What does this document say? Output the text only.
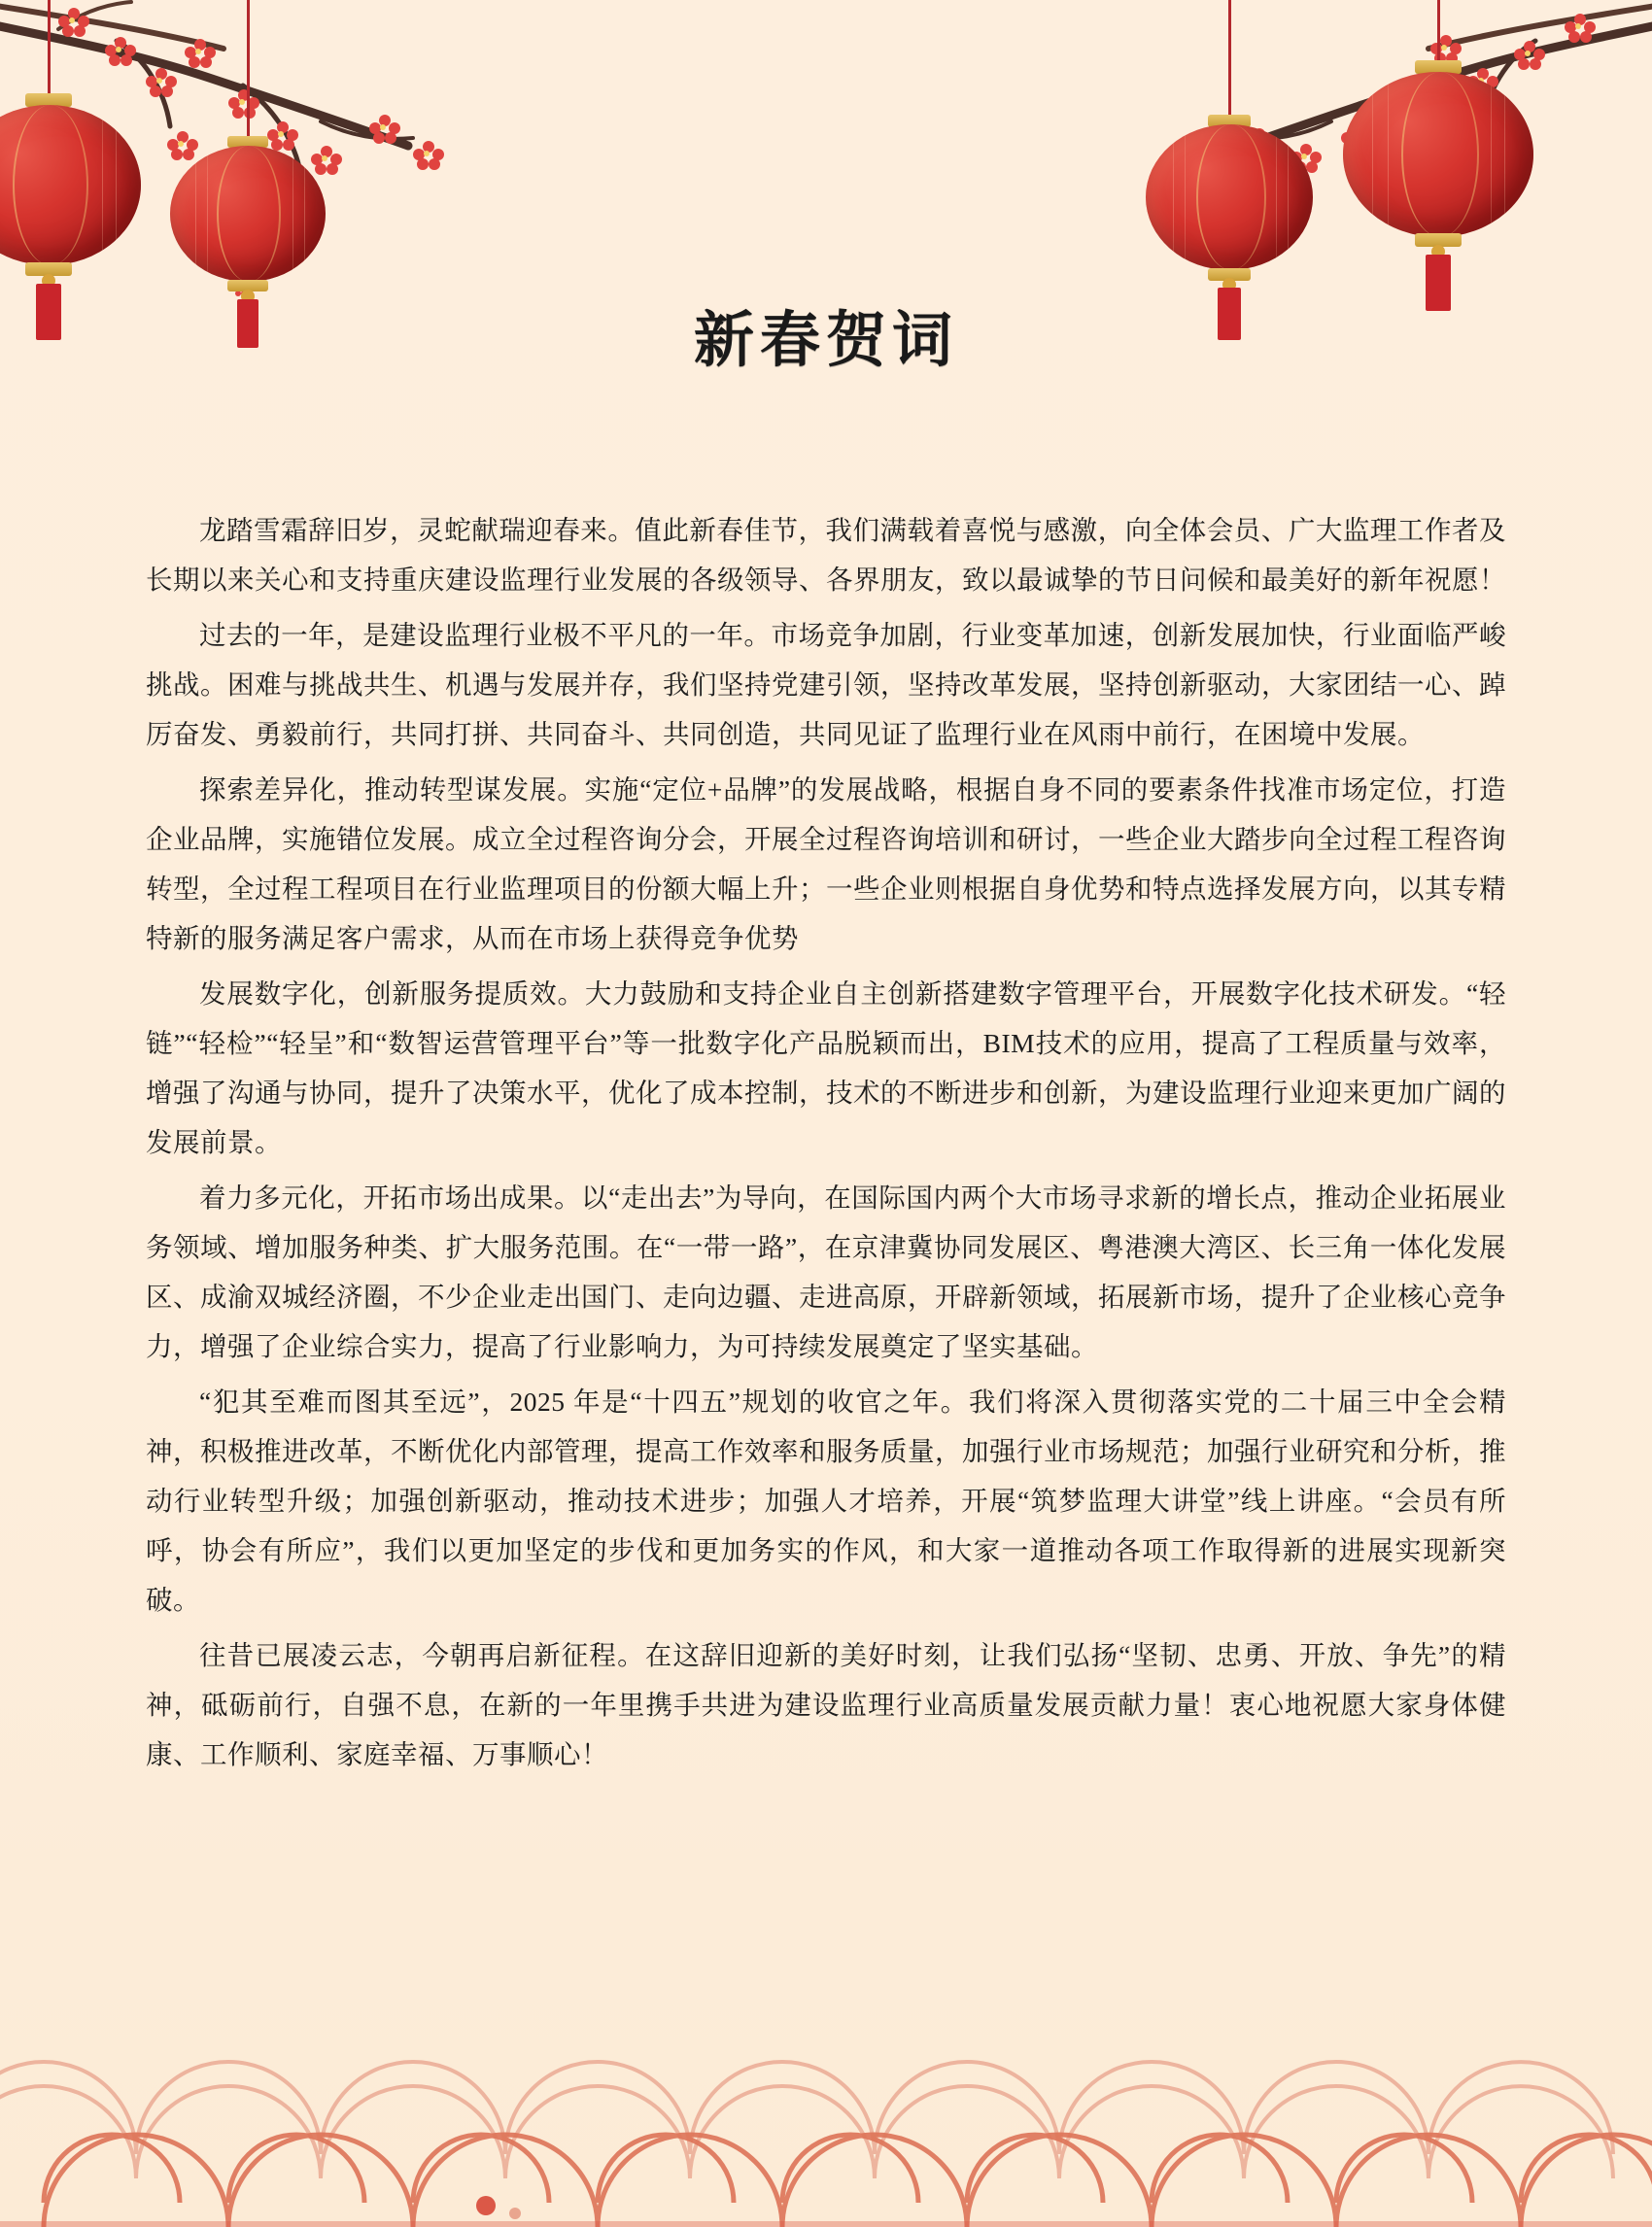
新春贺词

龙踏雪霜辞旧岁，灵蛇献瑞迎春来。值此新春佳节，我们满载着喜悦与感激，向全体会员、广大监理工作者及长期以来关心和支持重庆建设监理行业发展的各级领导、各界朋友，致以最诚挚的节日问候和最美好的新年祝愿！

过去的一年，是建设监理行业极不平凡的一年。市场竞争加剧，行业变革加速，创新发展加快，行业面临严峻挑战。困难与挑战共生、机遇与发展并存，我们坚持党建引领，坚持改革发展，坚持创新驱动，大家团结一心、踔厉奋发、勇毅前行，共同打拼、共同奋斗、共同创造，共同见证了监理行业在风雨中前行，在困境中发展。

探索差异化，推动转型谋发展。实施“定位+品牌”的发展战略，根据自身不同的要素条件找准市场定位，打造企业品牌，实施错位发展。成立全过程咨询分会，开展全过程咨询培训和研讨，一些企业大踏步向全过程工程咨询转型，全过程工程项目在行业监理项目的份额大幅上升；一些企业则根据自身优势和特点选择发展方向，以其专精特新的服务满足客户需求，从而在市场上获得竞争优势

发展数字化，创新服务提质效。大力鼓励和支持企业自主创新搭建数字管理平台，开展数字化技术研发。“轻链”“轻检”“轻呈”和“数智运营管理平台”等一批数字化产品脱颖而出，BIM技术的应用，提高了工程质量与效率，增强了沟通与协同，提升了决策水平，优化了成本控制，技术的不断进步和创新，为建设监理行业迎来更加广阔的发展前景。

着力多元化，开拓市场出成果。以“走出去”为导向，在国际国内两个大市场寻求新的增长点，推动企业拓展业务领域、增加服务种类、扩大服务范围。在“一带一路”，在京津冀协同发展区、粤港澳大湾区、长三角一体化发展区、成渝双城经济圈，不少企业走出国门、走向边疆、走进高原，开辟新领域，拓展新市场，提升了企业核心竞争力，增强了企业综合实力，提高了行业影响力，为可持续发展奠定了坚实基础。

“犯其至难而图其至远”，2025 年是“十四五”规划的收官之年。我们将深入贯彻落实党的二十届三中全会精神，积极推进改革，不断优化内部管理，提高工作效率和服务质量，加强行业市场规范；加强行业研究和分析，推动行业转型升级；加强创新驱动，推动技术进步；加强人才培养，开展“筑梦监理大讲堂”线上讲座。“会员有所呼，协会有所应”，我们以更加坚定的步伐和更加务实的作风，和大家一道推动各项工作取得新的进展实现新突破。

往昔已展凌云志，今朝再启新征程。在这辞旧迎新的美好时刻，让我们弘扬“坚韧、忠勇、开放、争先”的精神，砥砺前行，自强不息，在新的一年里携手共进为建设监理行业高质量发展贡献力量！衷心地祝愿大家身体健康、工作顺利、家庭幸福、万事顺心！
